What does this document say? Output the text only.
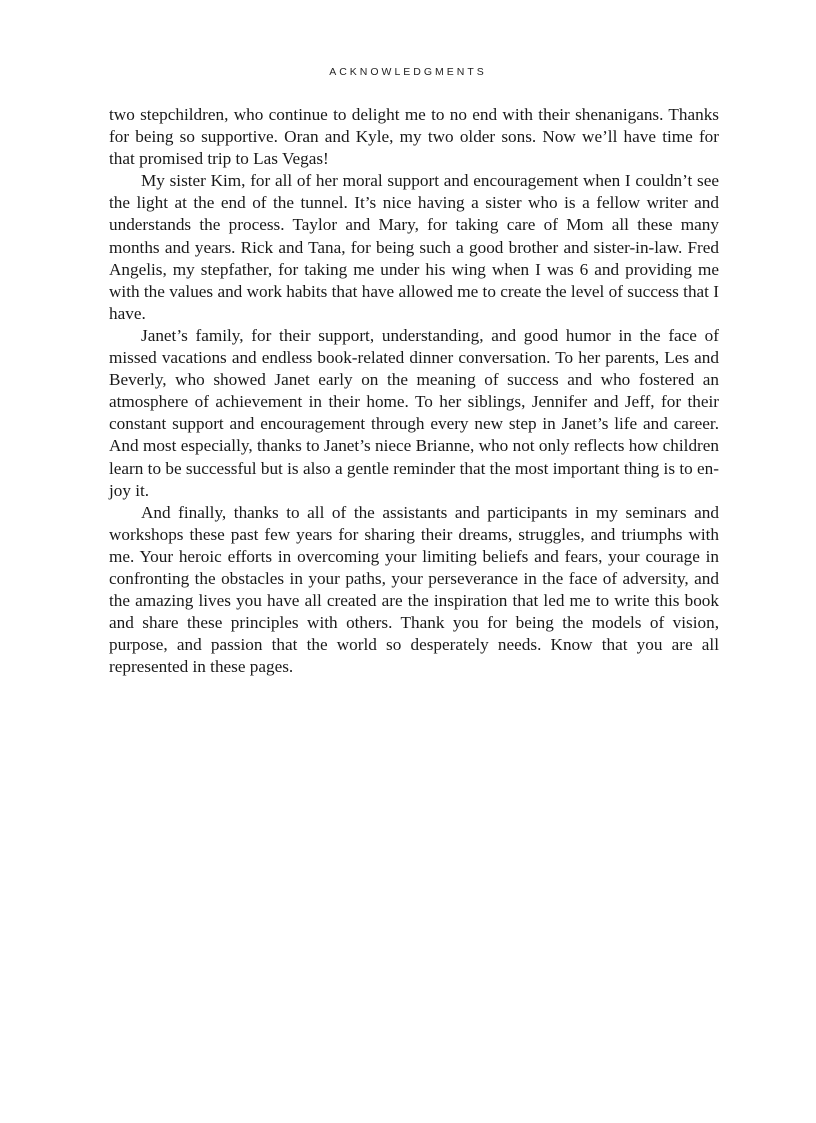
ACKNOWLEDGMENTS

two stepchildren, who continue to delight me to no end with their shenanigans. Thanks for being so supportive. Oran and Kyle, my two older sons. Now we’ll have time for that promised trip to Las Vegas!

My sister Kim, for all of her moral support and encouragement when I couldn’t see the light at the end of the tunnel. It’s nice having a sister who is a fellow writer and understands the process. Taylor and Mary, for taking care of Mom all these many months and years. Rick and Tana, for being such a good brother and sister-in-law. Fred Angelis, my stepfather, for taking me under his wing when I was 6 and providing me with the values and work habits that have allowed me to create the level of success that I have.

Janet’s family, for their support, understanding, and good humor in the face of missed vacations and endless book-related dinner conversation. To her parents, Les and Beverly, who showed Janet early on the meaning of success and who fostered an atmosphere of achievement in their home. To her siblings, Jennifer and Jeff, for their constant support and encouragement through every new step in Janet’s life and career. And most especially, thanks to Janet’s niece Brianne, who not only reflects how children learn to be successful but is also a gentle reminder that the most important thing is to enjoy it.

And finally, thanks to all of the assistants and participants in my seminars and workshops these past few years for sharing their dreams, struggles, and triumphs with me. Your heroic efforts in overcoming your limiting beliefs and fears, your courage in confronting the obstacles in your paths, your perseverance in the face of adversity, and the amazing lives you have all created are the inspiration that led me to write this book and share these principles with others. Thank you for being the models of vision, purpose, and passion that the world so desperately needs. Know that you are all represented in these pages.
